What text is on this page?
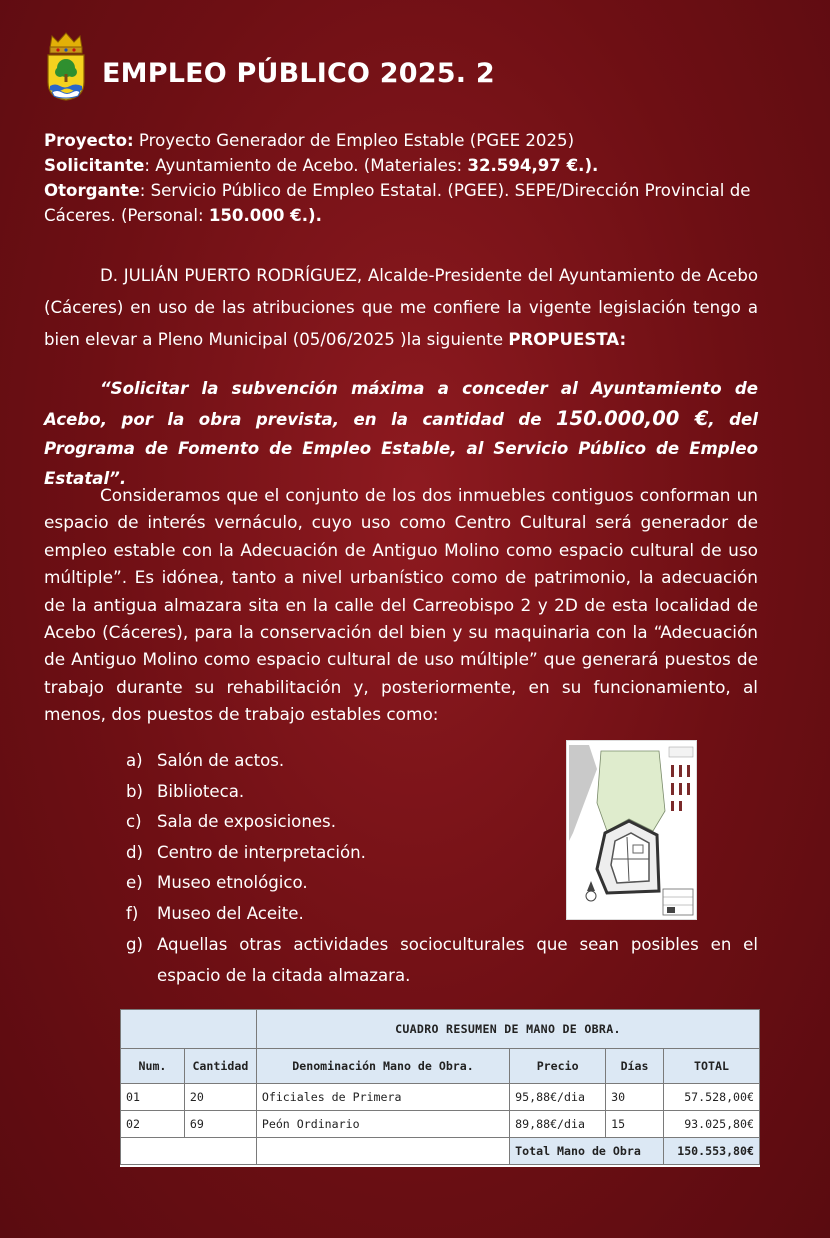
EMPLEO PÚBLICO 2025. 2
Proyecto: Proyecto Generador de Empleo Estable (PGEE 2025)
Solicitante: Ayuntamiento de Acebo. (Materiales: 32.594,97 €.).
Otorgante: Servicio Público de Empleo Estatal. (PGEE). SEPE/Dirección Provincial de Cáceres. (Personal: 150.000 €.).
D. JULIÁN PUERTO RODRÍGUEZ, Alcalde-Presidente del Ayuntamiento de Acebo (Cáceres) en uso de las atribuciones que me confiere la vigente legislación tengo a bien elevar a Pleno Municipal (05/06/2025 )la siguiente PROPUESTA:
“Solicitar la subvención máxima a conceder al Ayuntamiento de Acebo, por la obra prevista, en la cantidad de 150.000,00 €, del Programa de Fomento de Empleo Estable, al Servicio Público de Empleo Estatal”.
Consideramos que el conjunto de los dos inmuebles contiguos conforman un espacio de interés vernáculo, cuyo uso como Centro Cultural será generador de empleo estable con la Adecuación de Antiguo Molino como espacio cultural de uso múltiple”. Es idónea, tanto a nivel urbanístico como de patrimonio, la adecuación de la antigua almazara sita en la calle del Carreobispo 2 y 2D de esta localidad de Acebo (Cáceres), para la conservación del bien y su maquinaria con la “Adecuación de Antiguo Molino como espacio cultural de uso múltiple” que generará puestos de trabajo durante su rehabilitación y, posteriormente, en su funcionamiento, al menos, dos puestos de trabajo estables como:
a) Salón de actos.
b) Biblioteca.
c) Sala de exposiciones.
d) Centro de interpretación.
e) Museo etnológico.
f) Museo del Aceite.
g) Aquellas otras actividades socioculturales que sean posibles en el espacio de la citada almazara.
		CUADRO RESUMEN DE MANO DE OBRA.			
Num.	Cantidad	Denominación Mano de Obra.	Precio	Días	TOTAL
01	20	Oficiales de Primera	95,88€/dia	30	57.528,00€
02	69	Peón Ordinario	89,88€/dia	15	93.025,80€
			Total Mano de Obra		150.553,80€
